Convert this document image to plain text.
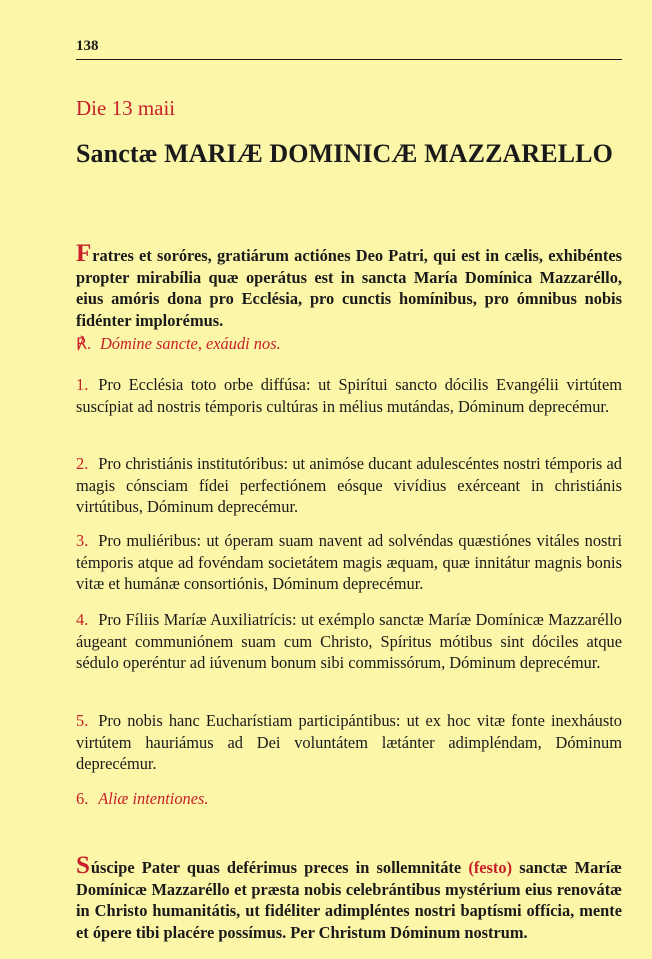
138
Die 13 maii
Sanctæ MARIÆ DOMINICÆ MAZZARELLO
Fratres et soróres, gratiárum actiónes Deo Patri, qui est in cælis, exhibéntes propter mirabília quæ operátus est in sancta María Domínica Mazzaréllo, eius amóris dona pro Ecclésia, pro cunctis homínibus, pro ómnibus nobis fidénter implorémus.
℟. Dómine sancte, exáudi nos.
1. Pro Ecclésia toto orbe diffúsa: ut Spirítui sancto dócilis Evangélii virtútem suscípiat ad nostris témporis cultúras in mélius mutándas, Dóminum deprecémur.
2. Pro christiánis institutóribus: ut animóse ducant adulescéntes nostri témporis ad magis cónsciam fídei perfectiónem eósque vivídius exérceant in christiánis virtútibus, Dóminum deprecémur.
3. Pro muliéribus: ut óperam suam navent ad solvéndas quæstiónes vitáles nostri témporis atque ad fovéndam societátem magis æquam, quæ innitátur magnis bonis vitæ et humánæ consortiónis, Dóminum deprecémur.
4. Pro Fíliis Maríæ Auxiliatrícis: ut exémplo sanctæ Maríæ Domínicæ Mazzaréllo áugeant communiónem suam cum Christo, Spíritus mótibus sint dóciles atque sédulo operéntur ad iúvenum bonum sibi commissórum, Dóminum deprecémur.
5. Pro nobis hanc Eucharístiam participántibus: ut ex hoc vitæ fonte inexháusto virtútem hauriámus ad Dei voluntátem lætánter adimpléndam, Dóminum deprecémur.
6. Aliæ intentiones.
Súscipe Pater quas deférimus preces in sollemnitáte (festo) sanctæ Maríæ Domínicæ Mazzaréllo et præsta nobis celebrántibus mystérium eius renovátæ in Christo humanitátis, ut fidéliter adimpléntes nostri baptísmi offícia, mente et ópere tibi placére possímus. Per Christum Dóminum nostrum.
